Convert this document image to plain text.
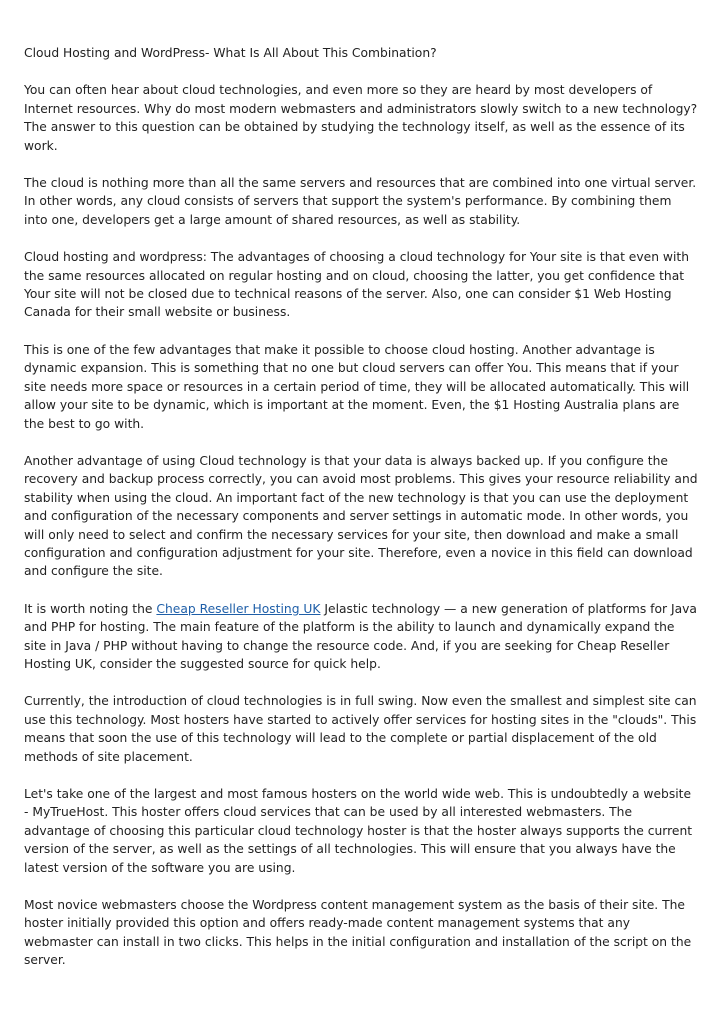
Cloud Hosting and WordPress- What Is All About This Combination?

You can often hear about cloud technologies, and even more so they are heard by most developers of Internet resources. Why do most modern webmasters and administrators slowly switch to a new technology? The answer to this question can be obtained by studying the technology itself, as well as the essence of its work.

The cloud is nothing more than all the same servers and resources that are combined into one virtual server. In other words, any cloud consists of servers that support the system's performance. By combining them into one, developers get a large amount of shared resources, as well as stability.

Cloud hosting and wordpress: The advantages of choosing a cloud technology for Your site is that even with the same resources allocated on regular hosting and on cloud, choosing the latter, you get confidence that Your site will not be closed due to technical reasons of the server. Also, one can consider $1 Web Hosting Canada for their small website or business.

This is one of the few advantages that make it possible to choose cloud hosting. Another advantage is dynamic expansion. This is something that no one but cloud servers can offer You. This means that if your site needs more space or resources in a certain period of time, they will be allocated automatically. This will allow your site to be dynamic, which is important at the moment. Even, the $1 Hosting Australia plans are the best to go with.

Another advantage of using Cloud technology is that your data is always backed up. If you configure the recovery and backup process correctly, you can avoid most problems. This gives your resource reliability and stability when using the cloud. An important fact of the new technology is that you can use the deployment and configuration of the necessary components and server settings in automatic mode. In other words, you will only need to select and confirm the necessary services for your site, then download and make a small configuration and configuration adjustment for your site. Therefore, even a novice in this field can download and configure the site.

It is worth noting the Cheap Reseller Hosting UK Jelastic technology — a new generation of platforms for Java and PHP for hosting. The main feature of the platform is the ability to launch and dynamically expand the site in Java / PHP without having to change the resource code. And, if you are seeking for Cheap Reseller Hosting UK, consider the suggested source for quick help.

Currently, the introduction of cloud technologies is in full swing. Now even the smallest and simplest site can use this technology. Most hosters have started to actively offer services for hosting sites in the "clouds". This means that soon the use of this technology will lead to the complete or partial displacement of the old methods of site placement.

Let's take one of the largest and most famous hosters on the world wide web. This is undoubtedly a website - MyTrueHost. This hoster offers cloud services that can be used by all interested webmasters. The advantage of choosing this particular cloud technology hoster is that the hoster always supports the current version of the server, as well as the settings of all technologies. This will ensure that you always have the latest version of the software you are using.

Most novice webmasters choose the Wordpress content management system as the basis of their site. The hoster initially provided this option and offers ready-made content management systems that any webmaster can install in two clicks. This helps in the initial configuration and installation of the script on the server.
